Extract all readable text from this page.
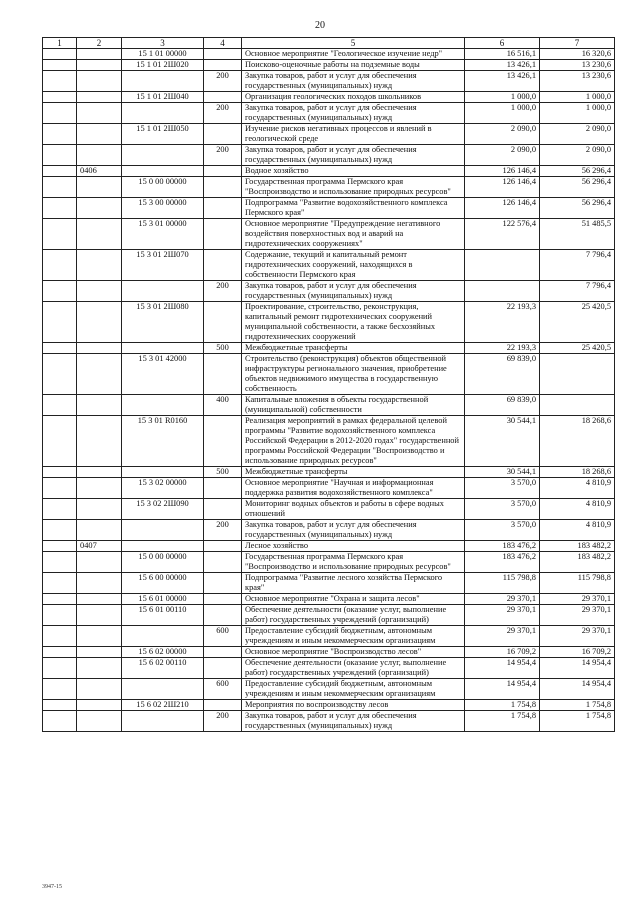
20
1	2	3	4	5	6	7
		15 1 01 00000		Основное мероприятие "Геологическое изучение недр"	16 516,1	16 320,6
		15 1 01 2Ш020		Поисково-оценочные работы на подземные воды	13 426,1	13 230,6
			200	Закупка товаров, работ и услуг для обеспечения государственных (муниципальных) нужд	13 426,1	13 230,6
		15 1 01 2Ш040		Организация геологических походов школьников	1 000,0	1 000,0
			200	Закупка товаров, работ и услуг для обеспечения государственных (муниципальных) нужд	1 000,0	1 000,0
		15 1 01 2Ш050		Изучение рисков негативных процессов и явлений в геологической среде	2 090,0	2 090,0
			200	Закупка товаров, работ и услуг для обеспечения государственных (муниципальных) нужд	2 090,0	2 090,0
	0406			Водное хозяйство	126 146,4	56 296,4
		15 0 00 00000		Государственная программа Пермского края "Воспроизводство и использование природных ресурсов"	126 146,4	56 296,4
		15 3 00 00000		Подпрограмма "Развитие водохозяйственного комплекса Пермского края"	126 146,4	56 296,4
		15 3 01 00000		Основное мероприятие "Предупреждение негативного воздействия поверхностных вод и аварий на гидротехнических сооружениях"	122 576,4	51 485,5
		15 3 01 2Ш070		Содержание, текущий и капитальный ремонт гидротехнических сооружений, находящихся в собственности Пермского края		7 796,4
			200	Закупка товаров, работ и услуг для обеспечения государственных (муниципальных) нужд		7 796,4
		15 3 01 2Ш080		Проектирование, строительство, реконструкция, капитальный ремонт гидротехнических сооружений муниципальной собственности, а также бесхозяйных гидротехнических сооружений	22 193,3	25 420,5
			500	Межбюджетные трансферты	22 193,3	25 420,5
		15 3 01 42000		Строительство (реконструкция) объектов общественной инфраструктуры регионального значения, приобретение объектов недвижимого имущества в государственную собственность	69 839,0	
			400	Капитальные вложения в объекты государственной (муниципальной) собственности	69 839,0	
		15 3 01 R0160		Реализация мероприятий в рамках федеральной целевой программы "Развитие водохозяйственного комплекса Российской Федерации в 2012-2020 годах" государственной программы Российской Федерации "Воспроизводство и использование природных ресурсов"	30 544,1	18 268,6
			500	Межбюджетные трансферты	30 544,1	18 268,6
		15 3 02 00000		Основное мероприятие "Научная и информационная поддержка развития водохозяйственного комплекса"	3 570,0	4 810,9
		15 3 02 2Ш090		Мониторинг водных объектов и работы в сфере водных отношений	3 570,0	4 810,9
			200	Закупка товаров, работ и услуг для обеспечения государственных (муниципальных) нужд	3 570,0	4 810,9
	0407			Лесное хозяйство	183 476,2	183 482,2
		15 0 00 00000		Государственная программа Пермского края "Воспроизводство и использование природных ресурсов"	183 476,2	183 482,2
		15 6 00 00000		Подпрограмма "Развитие лесного хозяйства Пермского края"	115 798,8	115 798,8
		15 6 01 00000		Основное мероприятие "Охрана и защита лесов"	29 370,1	29 370,1
		15 6 01 00110		Обеспечение деятельности (оказание услуг, выполнение работ) государственных учреждений (организаций)	29 370,1	29 370,1
			600	Предоставление субсидий бюджетным, автономным учреждениям и иным некоммерческим организациям	29 370,1	29 370,1
		15 6 02 00000		Основное мероприятие "Воспроизводство лесов"	16 709,2	16 709,2
		15 6 02 00110		Обеспечение деятельности (оказание услуг, выполнение работ) государственных учреждений (организаций)	14 954,4	14 954,4
			600	Предоставление субсидий бюджетным, автономным учреждениям и иным некоммерческим организациям	14 954,4	14 954,4
		15 6 02 2Ш210		Мероприятия по воспроизводству лесов	1 754,8	1 754,8
			200	Закупка товаров, работ и услуг для обеспечения государственных (муниципальных) нужд	1 754,8	1 754,8
3947-15
